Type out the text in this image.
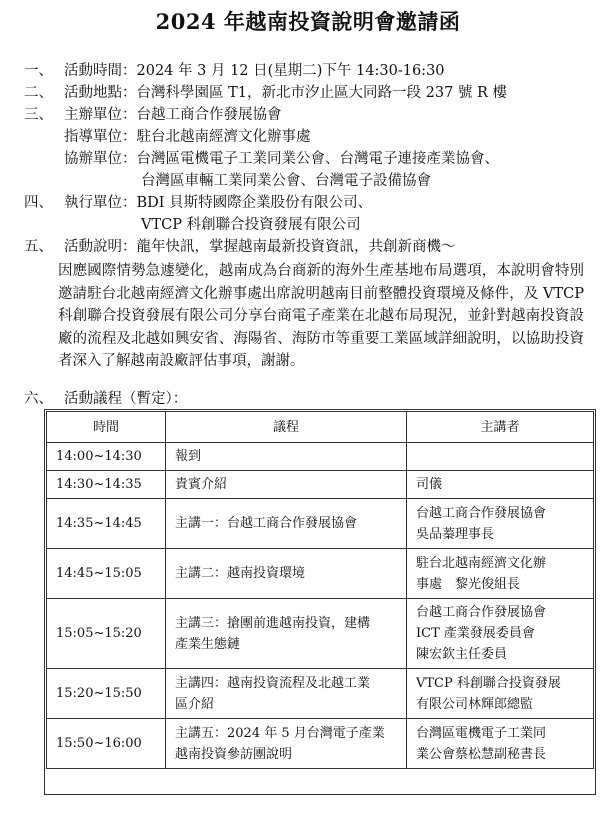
2024 年越南投資說明會邀請函
一、 活動時間：2024 年 3 月 12 日(星期二)下午 14:30-16:30
二、 活動地點：台灣科學園區 T1，新北市汐止區大同路一段 237 號 R 樓
三、 主辦單位：台越工商合作發展協會
指導單位：駐台北越南經濟文化辦事處
協辦單位：台灣區電機電子工業同業公會、台灣電子連接產業協會、
台灣區車輛工業同業公會、台灣電子設備協會
四、 執行單位：BDI 貝斯特國際企業股份有限公司、
VTCP 科創聯合投資發展有限公司
五、 活動說明：龍年快訊，掌握越南最新投資資訊，共創新商機～
因應國際情勢急遽變化，越南成為台商新的海外生產基地布局選項，本說明會特別邀請駐台北越南經濟文化辦事處出席說明越南目前整體投資環境及條件，及 VTCP 科創聯合投資發展有限公司分享台商電子產業在北越布局現況，並針對越南投資設廠的流程及北越如興安省、海陽省、海防市等重要工業區域詳細說明，以協助投資者深入了解越南設廠評估事項，謝謝。
六、 活動議程（暫定）：
時間	議程	主講者
14:00~14:30	報到	
14:30~14:35	貴賓介紹	司儀
14:35~14:45	主講一：台越工商合作發展協會	台越工商合作發展協會
吳品蓁理事長
14:45~15:05	主講二：越南投資環境	駐台北越南經濟文化辦
事處　黎光俊組長
15:05~15:20	主講三：搶團前進越南投資，建構
產業生態鏈	台越工商合作發展協會
ICT 產業發展委員會
陳宏欽主任委員
15:20~15:50	主講四：越南投資流程及北越工業
區介紹	VTCP 科創聯合投資發展
有限公司林輝郎總監
15:50~16:00	主講五：2024 年 5 月台灣電子產業
越南投資參訪團說明	台灣區電機電子工業同
業公會蔡松慧副秘書長
